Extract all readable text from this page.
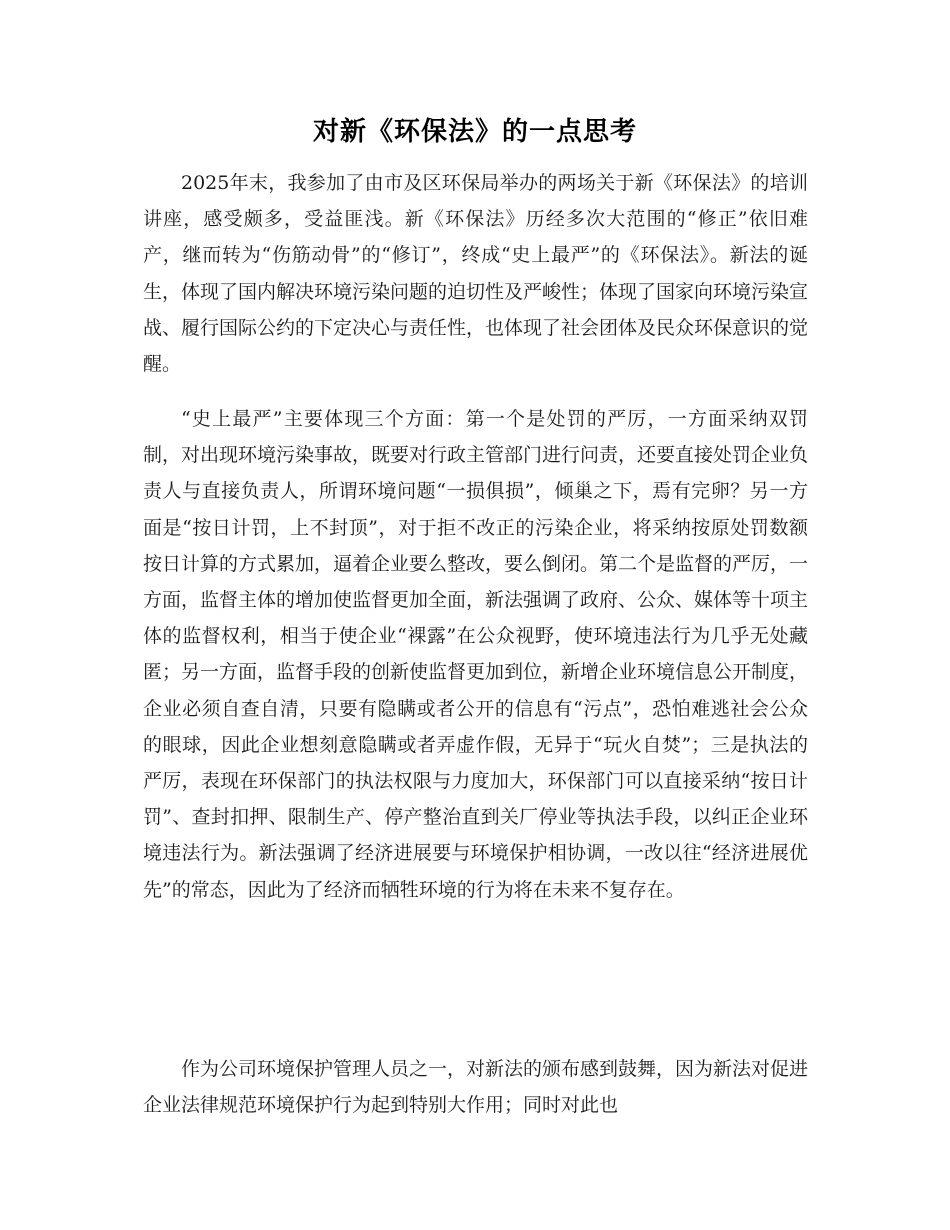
对新《环保法》的一点思考

2025年末，我参加了由市及区环保局举办的两场关于新《环保法》的培训讲座，感受颇多，受益匪浅。新《环保法》历经多次大范围的“修正”依旧难产，继而转为“伤筋动骨”的“修订”，终成“史上最严”的《环保法》。新法的诞生，体现了国内解决环境污染问题的迫切性及严峻性；体现了国家向环境污染宣战、履行国际公约的下定决心与责任性，也体现了社会团体及民众环保意识的觉醒。

“史上最严”主要体现三个方面：第一个是处罚的严厉，一方面采纳双罚制，对出现环境污染事故，既要对行政主管部门进行问责，还要直接处罚企业负责人与直接负责人，所谓环境问题“一损俱损”，倾巢之下，焉有完卵？另一方面是“按日计罚，上不封顶”，对于拒不改正的污染企业，将采纳按原处罚数额按日计算的方式累加，逼着企业要么整改，要么倒闭。第二个是监督的严厉，一方面，监督主体的增加使监督更加全面，新法强调了政府、公众、媒体等十项主体的监督权利，相当于使企业“裸露”在公众视野，使环境违法行为几乎无处藏匿；另一方面，监督手段的创新使监督更加到位，新增企业环境信息公开制度，企业必须自查自清，只要有隐瞒或者公开的信息有“污点”，恐怕难逃社会公众的眼球，因此企业想刻意隐瞒或者弄虚作假，无异于“玩火自焚”；三是执法的严厉，表现在环保部门的执法权限与力度加大，环保部门可以直接采纳“按日计罚”、查封扣押、限制生产、停产整治直到关厂停业等执法手段，以纠正企业环境违法行为。新法强调了经济进展要与环境保护相协调，一改以往“经济进展优先”的常态，因此为了经济而牺牲环境的行为将在未来不复存在。

作为公司环境保护管理人员之一，对新法的颁布感到鼓舞，因为新法对促进企业法律规范环境保护行为起到特别大作用；同时对此也
